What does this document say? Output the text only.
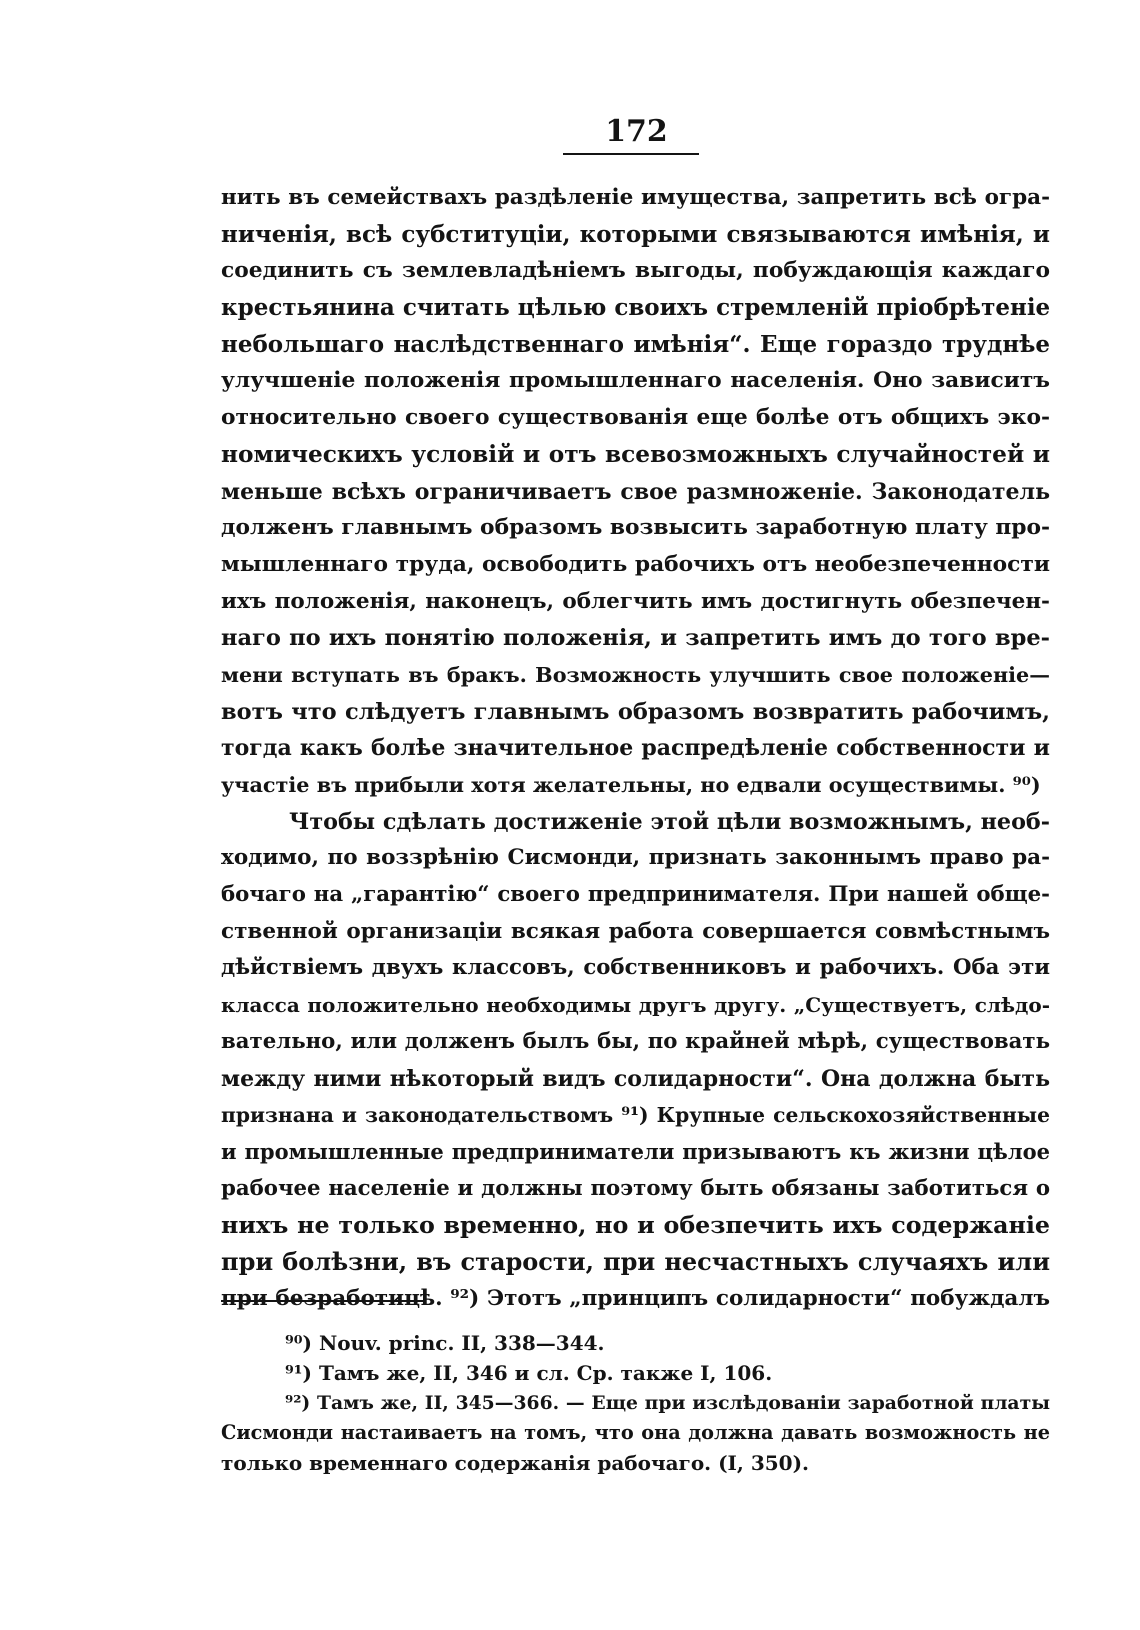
172
нить въ семействахъ раздѣленіе имущества, запретить всѣ огра-
ниченія, всѣ субституціи, которыми связываются имѣнія, и
соединить съ землевладѣніемъ выгоды, побуждающія каждаго
крестьянина считать цѣлью своихъ стремленій пріобрѣтеніе
небольшаго наслѣдственнаго имѣнія“. Еще гораздо труднѣе
улучшеніе положенія промышленнаго населенія. Оно зависитъ
относительно своего существованія еще болѣе отъ общихъ эко-
номическихъ условій и отъ всевозможныхъ случайностей и
меньше всѣхъ ограничиваетъ свое размноженіе. Законодатель
долженъ главнымъ образомъ возвысить заработную плату про-
мышленнаго труда, освободить рабочихъ отъ необезпеченности
ихъ положенія, наконецъ, облегчить имъ достигнуть обезпечен-
наго по ихъ понятію положенія, и запретить имъ до того вре-
мени вступать въ бракъ. Возможность улучшить свое положеніе—
вотъ что слѣдуетъ главнымъ образомъ возвратить рабочимъ,
тогда какъ болѣе значительное распредѣленіе собственности и
участіе въ прибыли хотя желательны, но едвали осуществимы. ⁹⁰)
Чтобы сдѣлать достиженіе этой цѣли возможнымъ, необ-
ходимо, по воззрѣнію Сисмонди, признать законнымъ право ра-
бочаго на „гарантію“ своего предпринимателя. При нашей обще-
ственной организаціи всякая работа совершается совмѣстнымъ
дѣйствіемъ двухъ классовъ, собственниковъ и рабочихъ. Оба эти
класса положительно необходимы другъ другу. „Существуетъ, слѣдо-
вательно, или долженъ былъ бы, по крайней мѣрѣ, существовать
между ними нѣкоторый видъ солидарности“. Она должна быть
признана и законодательствомъ ⁹¹) Крупные сельскохозяйственные
и промышленные предприниматели призываютъ къ жизни цѣлое
рабочее населеніе и должны поэтому быть обязаны заботиться о
нихъ не только временно, но и обезпечить ихъ содержаніе
при болѣзни, въ старости, при несчастныхъ случаяхъ или
при безработицѣ. ⁹²) Этотъ „принципъ солидарности“ побуждалъ
⁹⁰) Nouv. princ. II, 338—344.
⁹¹) Тамъ же, II, 346 и сл. Ср. также I, 106.
⁹²) Тамъ же, II, 345—366. — Еще при изслѣдованіи заработной платы
Сисмонди настаиваетъ на томъ, что она должна давать возможность не
только временнаго содержанія рабочаго. (I, 350).
